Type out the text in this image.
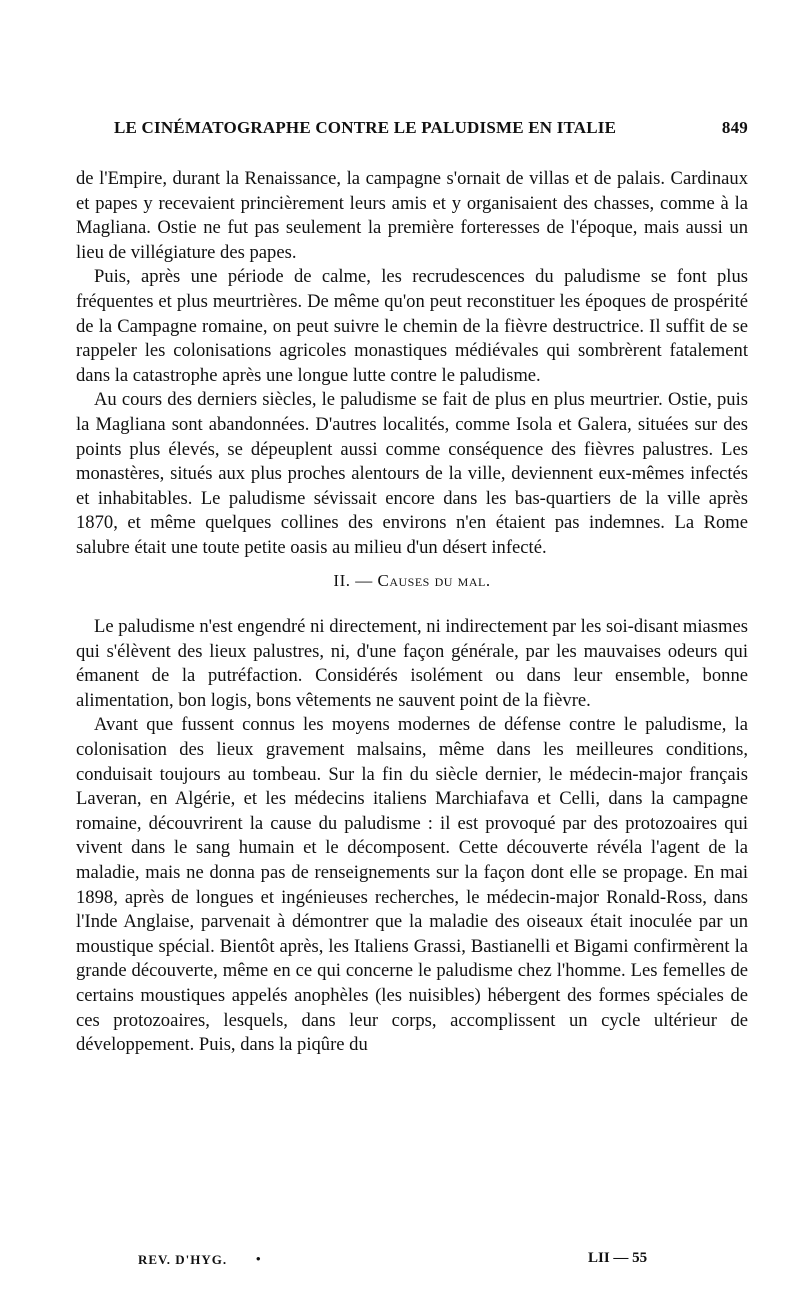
LE CINÉMATOGRAPHE CONTRE LE PALUDISME EN ITALIE	849

de l'Empire, durant la Renaissance, la campagne s'ornait de villas et de palais. Cardinaux et papes y recevaient princièrement leurs amis et y organisaient des chasses, comme à la Magliana. Ostie ne fut pas seulement la première forteresses de l'époque, mais aussi un lieu de villégiature des papes.

Puis, après une période de calme, les recrudescences du paludisme se font plus fréquentes et plus meurtrières. De même qu'on peut reconstituer les époques de prospérité de la Campagne romaine, on peut suivre le chemin de la fièvre destructrice. Il suffit de se rappeler les colonisations agricoles monastiques médiévales qui sombrèrent fatalement dans la catastrophe après une longue lutte contre le paludisme.

Au cours des derniers siècles, le paludisme se fait de plus en plus meurtrier. Ostie, puis la Magliana sont abandonnées. D'autres localités, comme Isola et Galera, situées sur des points plus élevés, se dépeuplent aussi comme conséquence des fièvres palustres. Les monastères, situés aux plus proches alentours de la ville, deviennent eux-mêmes infectés et inhabitables. Le paludisme sévissait encore dans les bas-quartiers de la ville après 1870, et même quelques collines des environs n'en étaient pas indemnes. La Rome salubre était une toute petite oasis au milieu d'un désert infecté.

II. — Causes du mal.

Le paludisme n'est engendré ni directement, ni indirectement par les soi-disant miasmes qui s'élèvent des lieux palustres, ni, d'une façon générale, par les mauvaises odeurs qui émanent de la putréfaction. Considérés isolément ou dans leur ensemble, bonne alimentation, bon logis, bons vêtements ne sauvent point de la fièvre.

Avant que fussent connus les moyens modernes de défense contre le paludisme, la colonisation des lieux gravement malsains, même dans les meilleures conditions, conduisait toujours au tombeau. Sur la fin du siècle dernier, le médecin-major français Laveran, en Algérie, et les médecins italiens Marchiafava et Celli, dans la campagne romaine, découvrirent la cause du paludisme : il est provoqué par des protozoaires qui vivent dans le sang humain et le décomposent. Cette découverte révéla l'agent de la maladie, mais ne donna pas de renseignements sur la façon dont elle se propage. En mai 1898, après de longues et ingénieuses recherches, le médecin-major Ronald-Ross, dans l'Inde Anglaise, parvenait à démontrer que la maladie des oiseaux était inoculée par un moustique spécial. Bientôt après, les Italiens Grassi, Bastianelli et Bigami confirmèrent la grande découverte, même en ce qui concerne le paludisme chez l'homme. Les femelles de certains moustiques appelés anophèles (les nuisibles) hébergent des formes spéciales de ces protozoaires, lesquels, dans leur corps, accomplissent un cycle ultérieur de développement. Puis, dans la piqûre du

REV. D'HYG. •	LII — 55
